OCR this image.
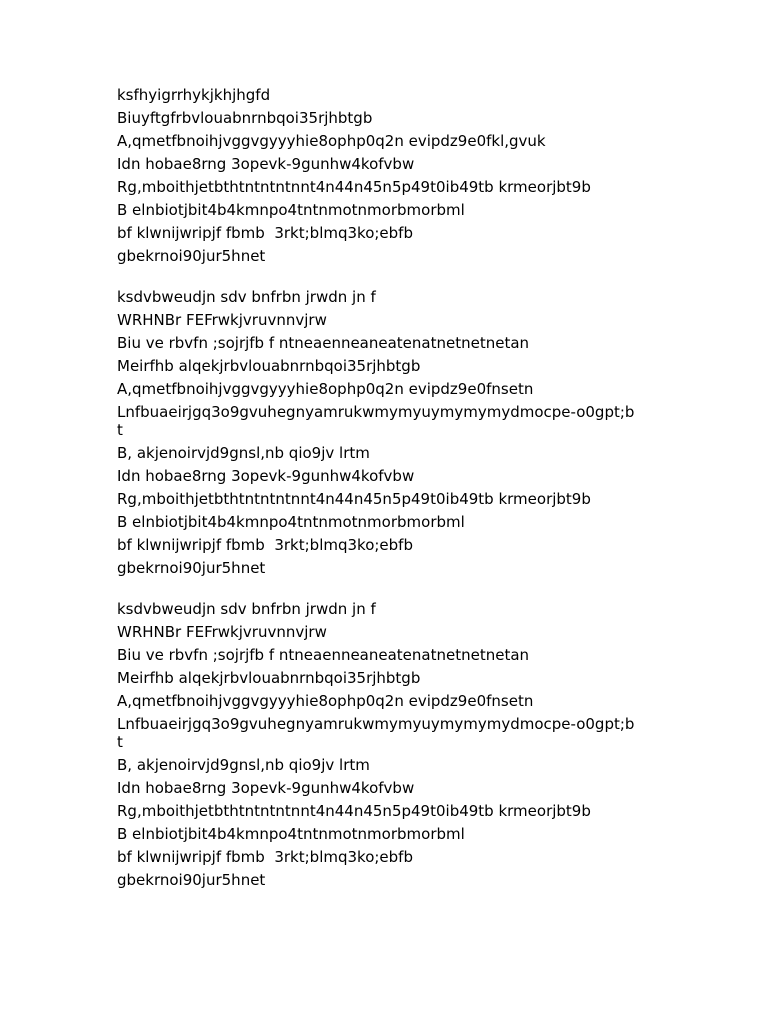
ksfhyigrrhykjkhjhgfd
Biuyftgfrbvlouabnrnbqoi35rjhbtgb
A,qmetfbnoihjvggvgyyyhie8ophp0q2n evipdz9e0fkl,gvuk
Idn hobae8rng 3opevk-9gunhw4kofvbw
Rg,mboithjetbthtntntntnnt4n44n45n5p49t0ib49tb krmeorjbt9b
B elnbiotjbit4b4kmnpo4tntnmotnmorbmorbml
bf klwnijwripjf fbmb  3rkt;blmq3ko;ebfb
gbekrnoi90jur5hnet
ksdvbweudjn sdv bnfrbn jrwdn jn f
WRHNBr FEFrwkjvruvnnvjrw
Biu ve rbvfn ;sojrjfb f ntneaenneaneatenatnetnetnetan
Meirfhb alqekjrbvlouabnrnbqoi35rjhbtgb
A,qmetfbnoihjvggvgyyyhie8ophp0q2n evipdz9e0fnsetn
Lnfbuaeirjgq3o9gvuhegnyamrukwmymyuymymymydmocpe-o0gpt;bt
B, akjenoirvjd9gnsl,nb qio9jv lrtm
Idn hobae8rng 3opevk-9gunhw4kofvbw
Rg,mboithjetbthtntntntnnt4n44n45n5p49t0ib49tb krmeorjbt9b
B elnbiotjbit4b4kmnpo4tntnmotnmorbmorbml
bf klwnijwripjf fbmb  3rkt;blmq3ko;ebfb
gbekrnoi90jur5hnet
ksdvbweudjn sdv bnfrbn jrwdn jn f
WRHNBr FEFrwkjvruvnnvjrw
Biu ve rbvfn ;sojrjfb f ntneaenneaneatenatnetnetnetan
Meirfhb alqekjrbvlouabnrnbqoi35rjhbtgb
A,qmetfbnoihjvggvgyyyhie8ophp0q2n evipdz9e0fnsetn
Lnfbuaeirjgq3o9gvuhegnyamrukwmymyuymymymydmocpe-o0gpt;bt
B, akjenoirvjd9gnsl,nb qio9jv lrtm
Idn hobae8rng 3opevk-9gunhw4kofvbw
Rg,mboithjetbthtntntntnnt4n44n45n5p49t0ib49tb krmeorjbt9b
B elnbiotjbit4b4kmnpo4tntnmotnmorbmorbml
bf klwnijwripjf fbmb  3rkt;blmq3ko;ebfb
gbekrnoi90jur5hnet
